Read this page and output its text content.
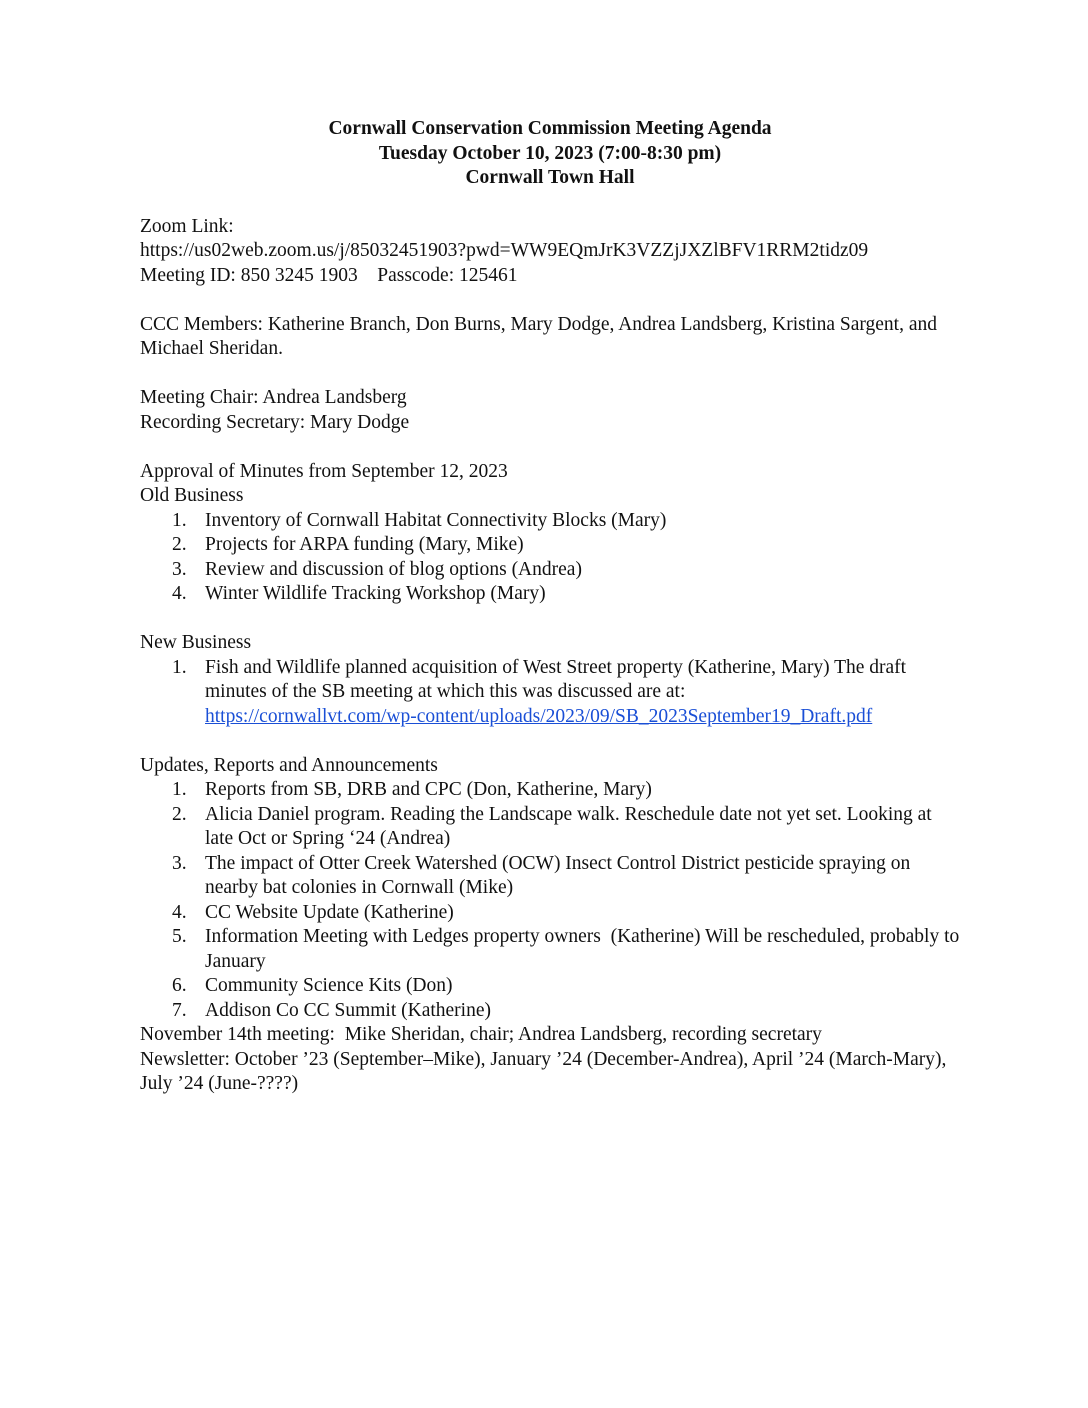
Cornwall Conservation Commission Meeting Agenda
Tuesday October 10, 2023 (7:00-8:30 pm)
Cornwall Town Hall
Zoom Link:
https://us02web.zoom.us/j/85032451903?pwd=WW9EQmJrK3VZZjJXZlBFV1RRM2tidz09
Meeting ID: 850 3245 1903    Passcode: 125461
CCC Members: Katherine Branch, Don Burns, Mary Dodge, Andrea Landsberg, Kristina Sargent, and Michael Sheridan.
Meeting Chair: Andrea Landsberg
Recording Secretary: Mary Dodge
Approval of Minutes from September 12, 2023
Old Business
1. Inventory of Cornwall Habitat Connectivity Blocks (Mary)
2. Projects for ARPA funding (Mary, Mike)
3. Review and discussion of blog options (Andrea)
4. Winter Wildlife Tracking Workshop (Mary)
New Business
1. Fish and Wildlife planned acquisition of West Street property (Katherine, Mary) The draft minutes of the SB meeting at which this was discussed are at:
https://cornwallvt.com/wp-content/uploads/2023/09/SB_2023September19_Draft.pdf
Updates, Reports and Announcements
1. Reports from SB, DRB and CPC (Don, Katherine, Mary)
2. Alicia Daniel program. Reading the Landscape walk. Reschedule date not yet set. Looking at late Oct or Spring ‘24 (Andrea)
3. The impact of Otter Creek Watershed (OCW) Insect Control District pesticide spraying on nearby bat colonies in Cornwall (Mike)
4. CC Website Update (Katherine)
5. Information Meeting with Ledges property owners  (Katherine) Will be rescheduled, probably to January
6. Community Science Kits (Don)
7. Addison Co CC Summit (Katherine)
November 14th meeting:  Mike Sheridan, chair; Andrea Landsberg, recording secretary
Newsletter: October ’23 (September–Mike), January ’24 (December-Andrea), April ’24 (March-Mary), July ’24 (June-????)
